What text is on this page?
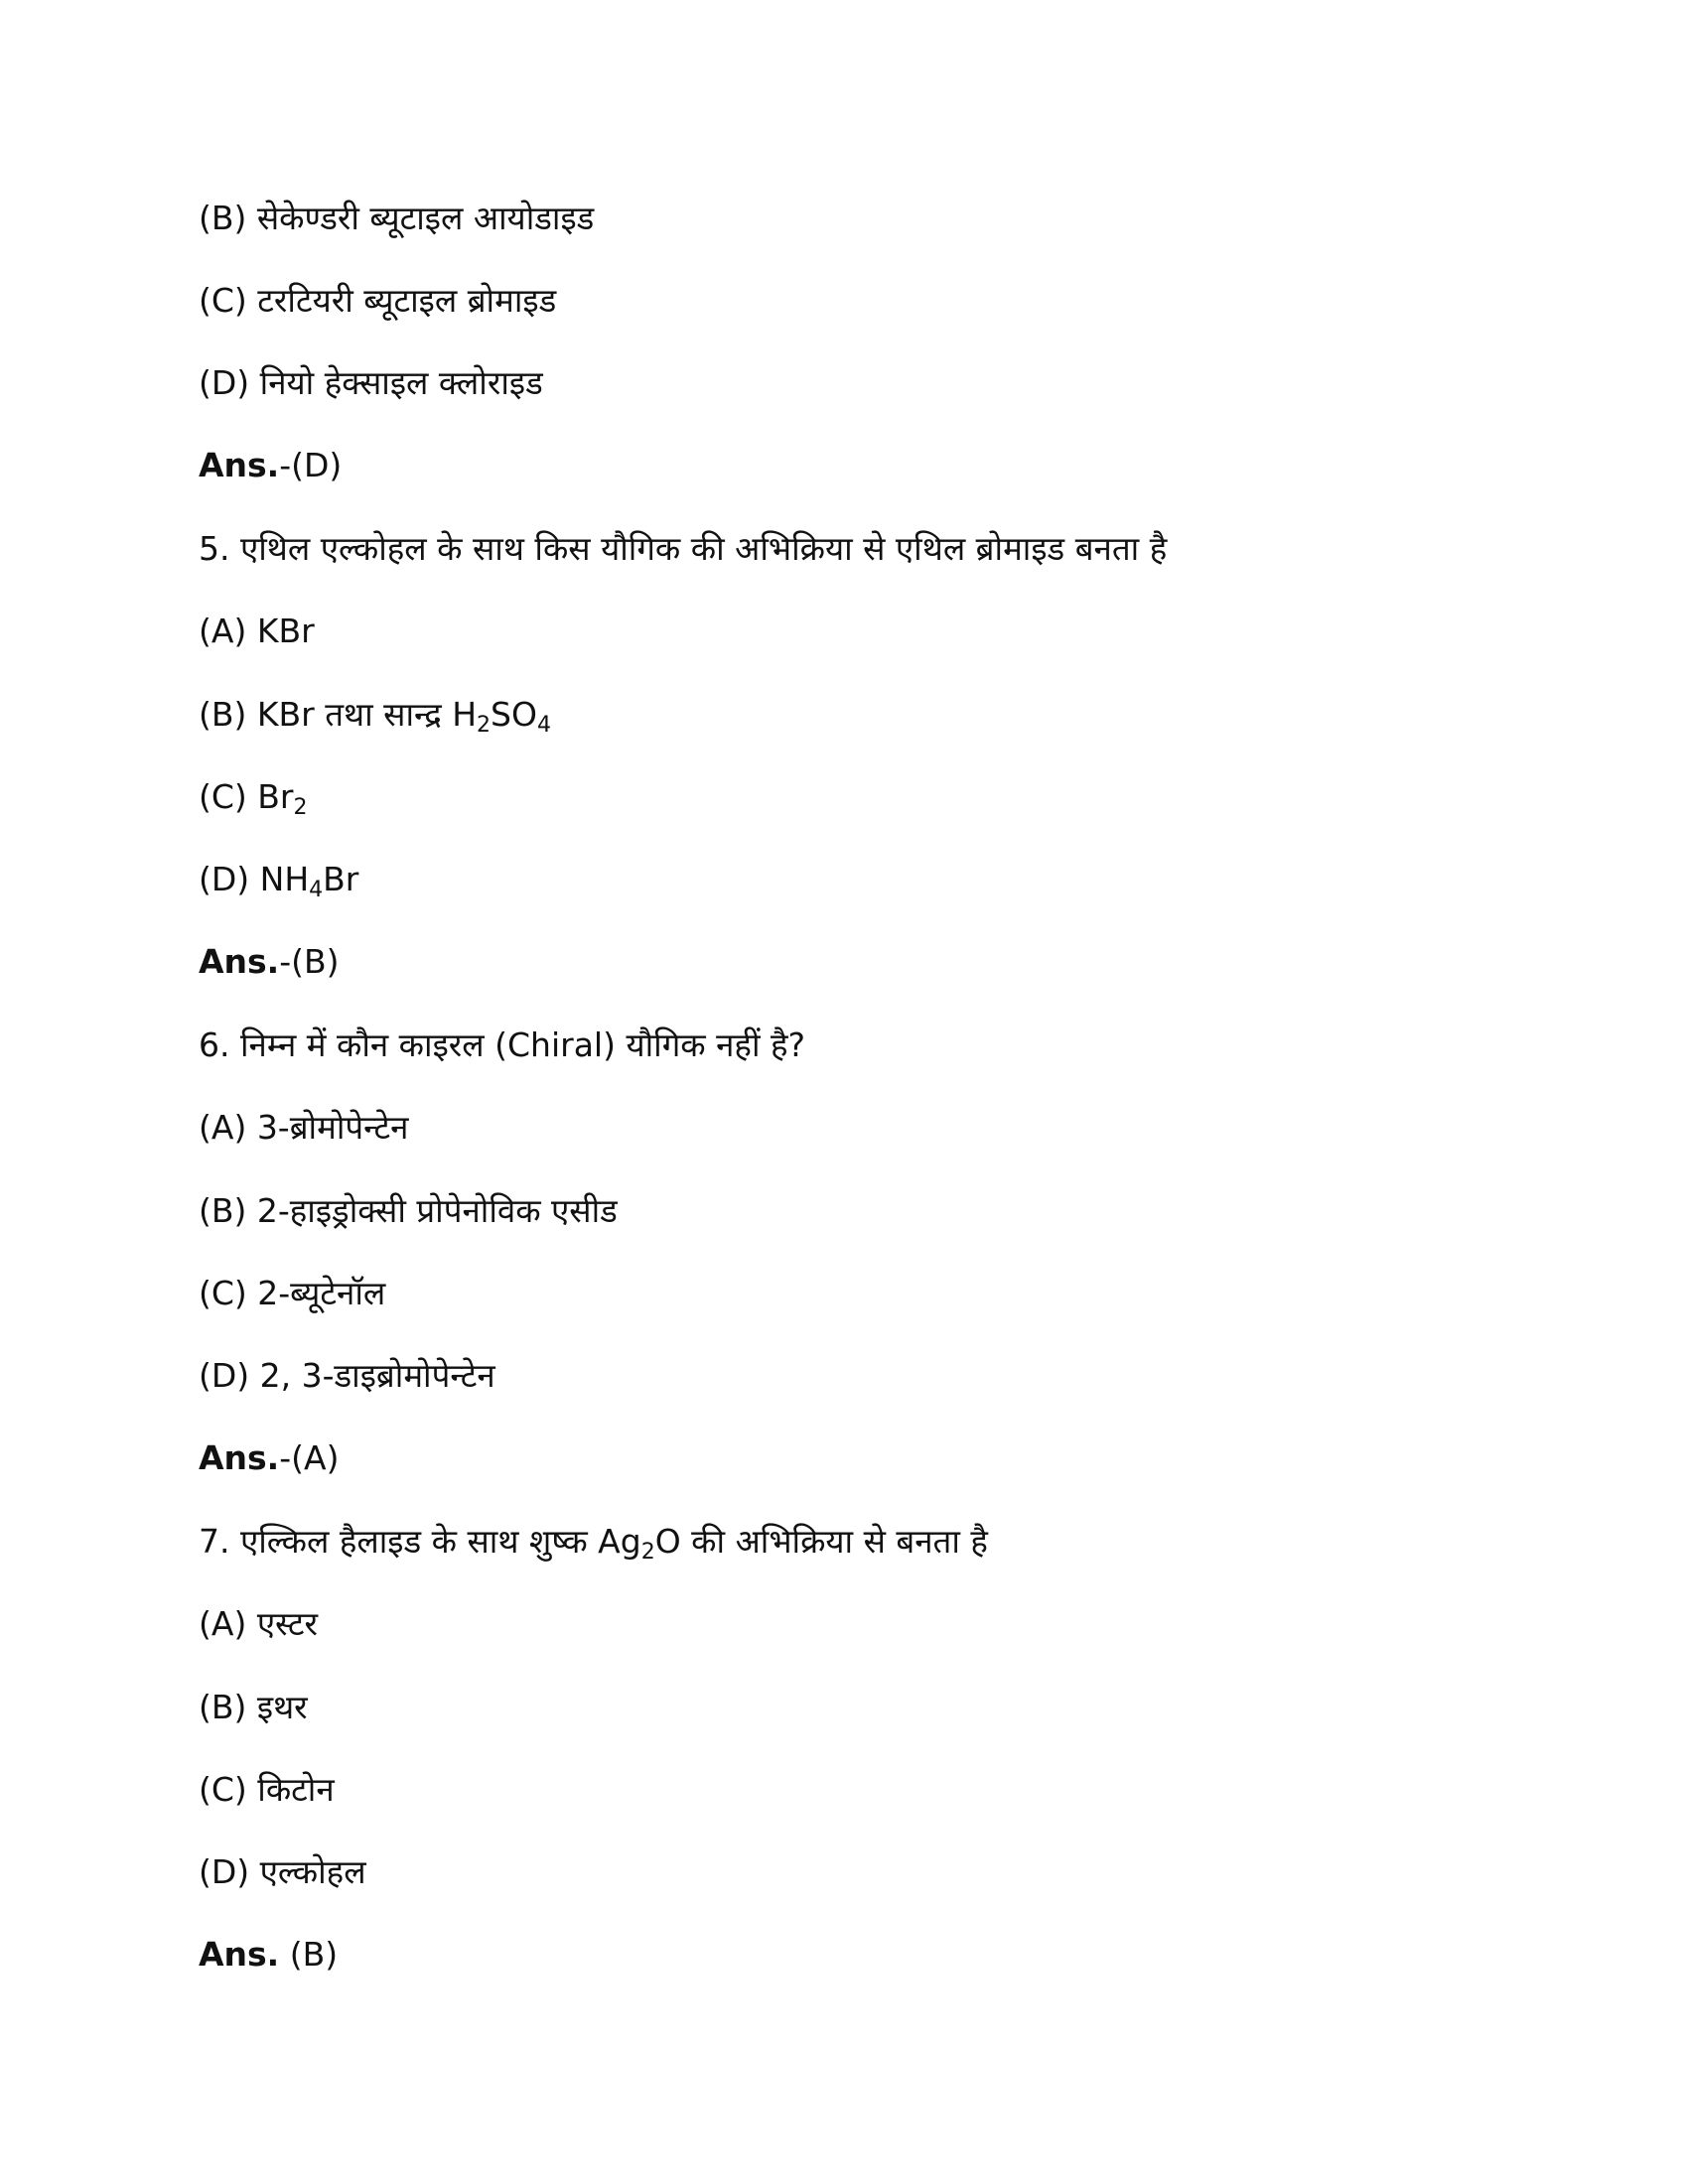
(B) सेकेण्डरी ब्यूटाइल आयोडाइड
(C) टरटियरी ब्यूटाइल ब्रोमाइड
(D) नियो हेक्साइल क्लोराइड
Ans.-(D)
5. एथिल एल्कोहल के साथ किस यौगिक की अभिक्रिया से एथिल ब्रोमाइड बनता है
(A) KBr
(B) KBr तथा सान्द्र $H_2SO_4$
(C) $Br_2$
(D) $NH_4Br$
Ans.-(B)
6. निम्न में कौन काइरल (Chiral) यौगिक नहीं है?
(A) 3-ब्रोमोपेन्टेन
(B) 2-हाइड्रोक्सी प्रोपेनोविक एसीड
(C) 2-ब्यूटेनॉल
(D) 2, 3-डाइब्रोमोपेन्टेन
Ans.-(A)
7. एल्किल हैलाइड के साथ शुष्क $Ag_2O$ की अभिक्रिया से बनता है
(A) एस्टर
(B) इथर
(C) किटोन
(D) एल्कोहल
Ans. (B)
